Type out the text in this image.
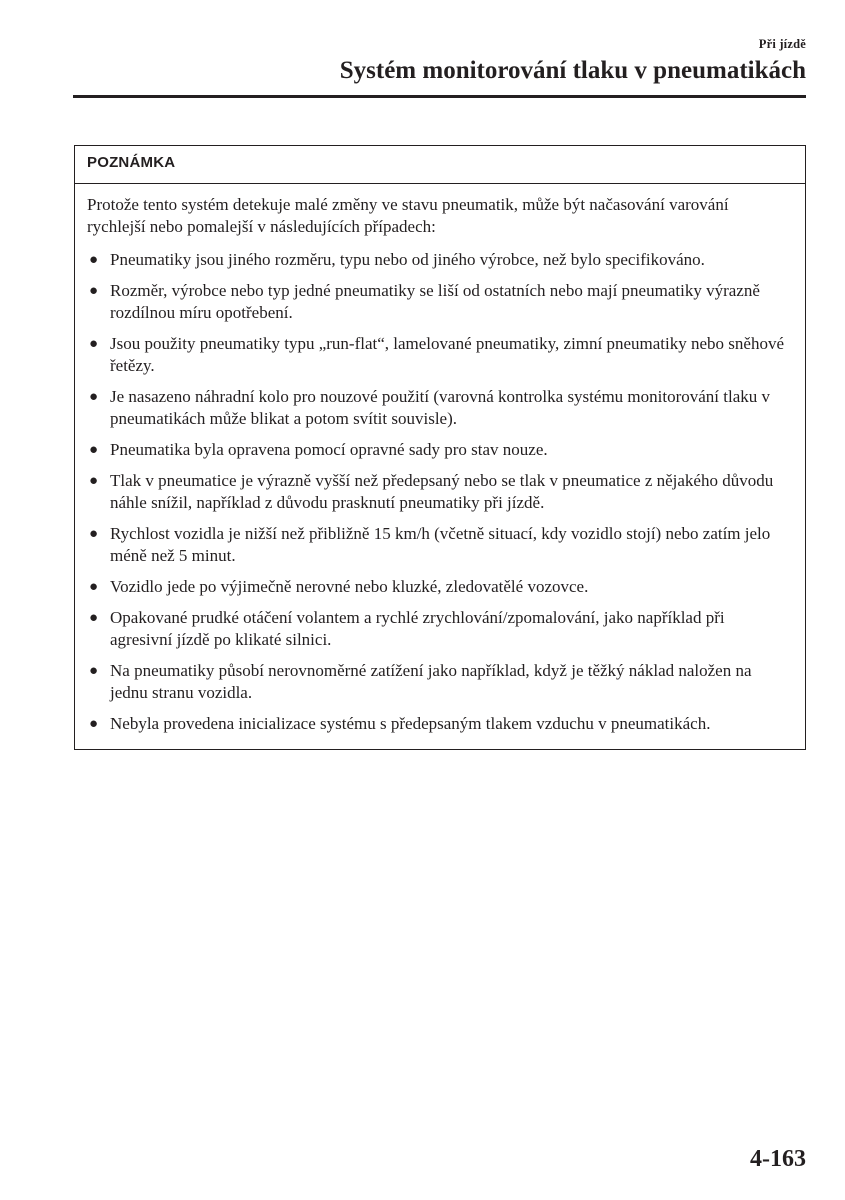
Při jízdě
Systém monitorování tlaku v pneumatikách
POZNÁMKA

Protože tento systém detekuje malé změny ve stavu pneumatik, může být načasování varování rychlejší nebo pomalejší v následujících případech:

● Pneumatiky jsou jiného rozměru, typu nebo od jiného výrobce, než bylo specifikováno.
● Rozměr, výrobce nebo typ jedné pneumatiky se liší od ostatních nebo mají pneumatiky výrazně rozdílnou míru opotřebení.
● Jsou použity pneumatiky typu „run-flat“, lamelované pneumatiky, zimní pneumatiky nebo sněhové řetězy.
● Je nasazeno náhradní kolo pro nouzové použití (varovná kontrolka systému monitorování tlaku v pneumatikách může blikat a potom svítit souvisle).
● Pneumatika byla opravena pomocí opravné sady pro stav nouze.
● Tlak v pneumatice je výrazně vyšší než předepsaný nebo se tlak v pneumatice z nějakého důvodu náhle snížil, například z důvodu prasknutí pneumatiky při jízdě.
● Rychlost vozidla je nižší než přibližně 15 km/h (včetně situací, kdy vozidlo stojí) nebo zatím jelo méně než 5 minut.
● Vozidlo jede po výjimečně nerovné nebo kluzké, zledovatělé vozovce.
● Opakované prudké otáčení volantem a rychlé zrychlování/zpomalování, jako například při agresivní jízdě po klikaté silnici.
● Na pneumatiky působí nerovnoměrné zatížení jako například, když je těžký náklad naložen na jednu stranu vozidla.
● Nebyla provedena inicializace systému s předepsaným tlakem vzduchu v pneumatikách.
4-163
